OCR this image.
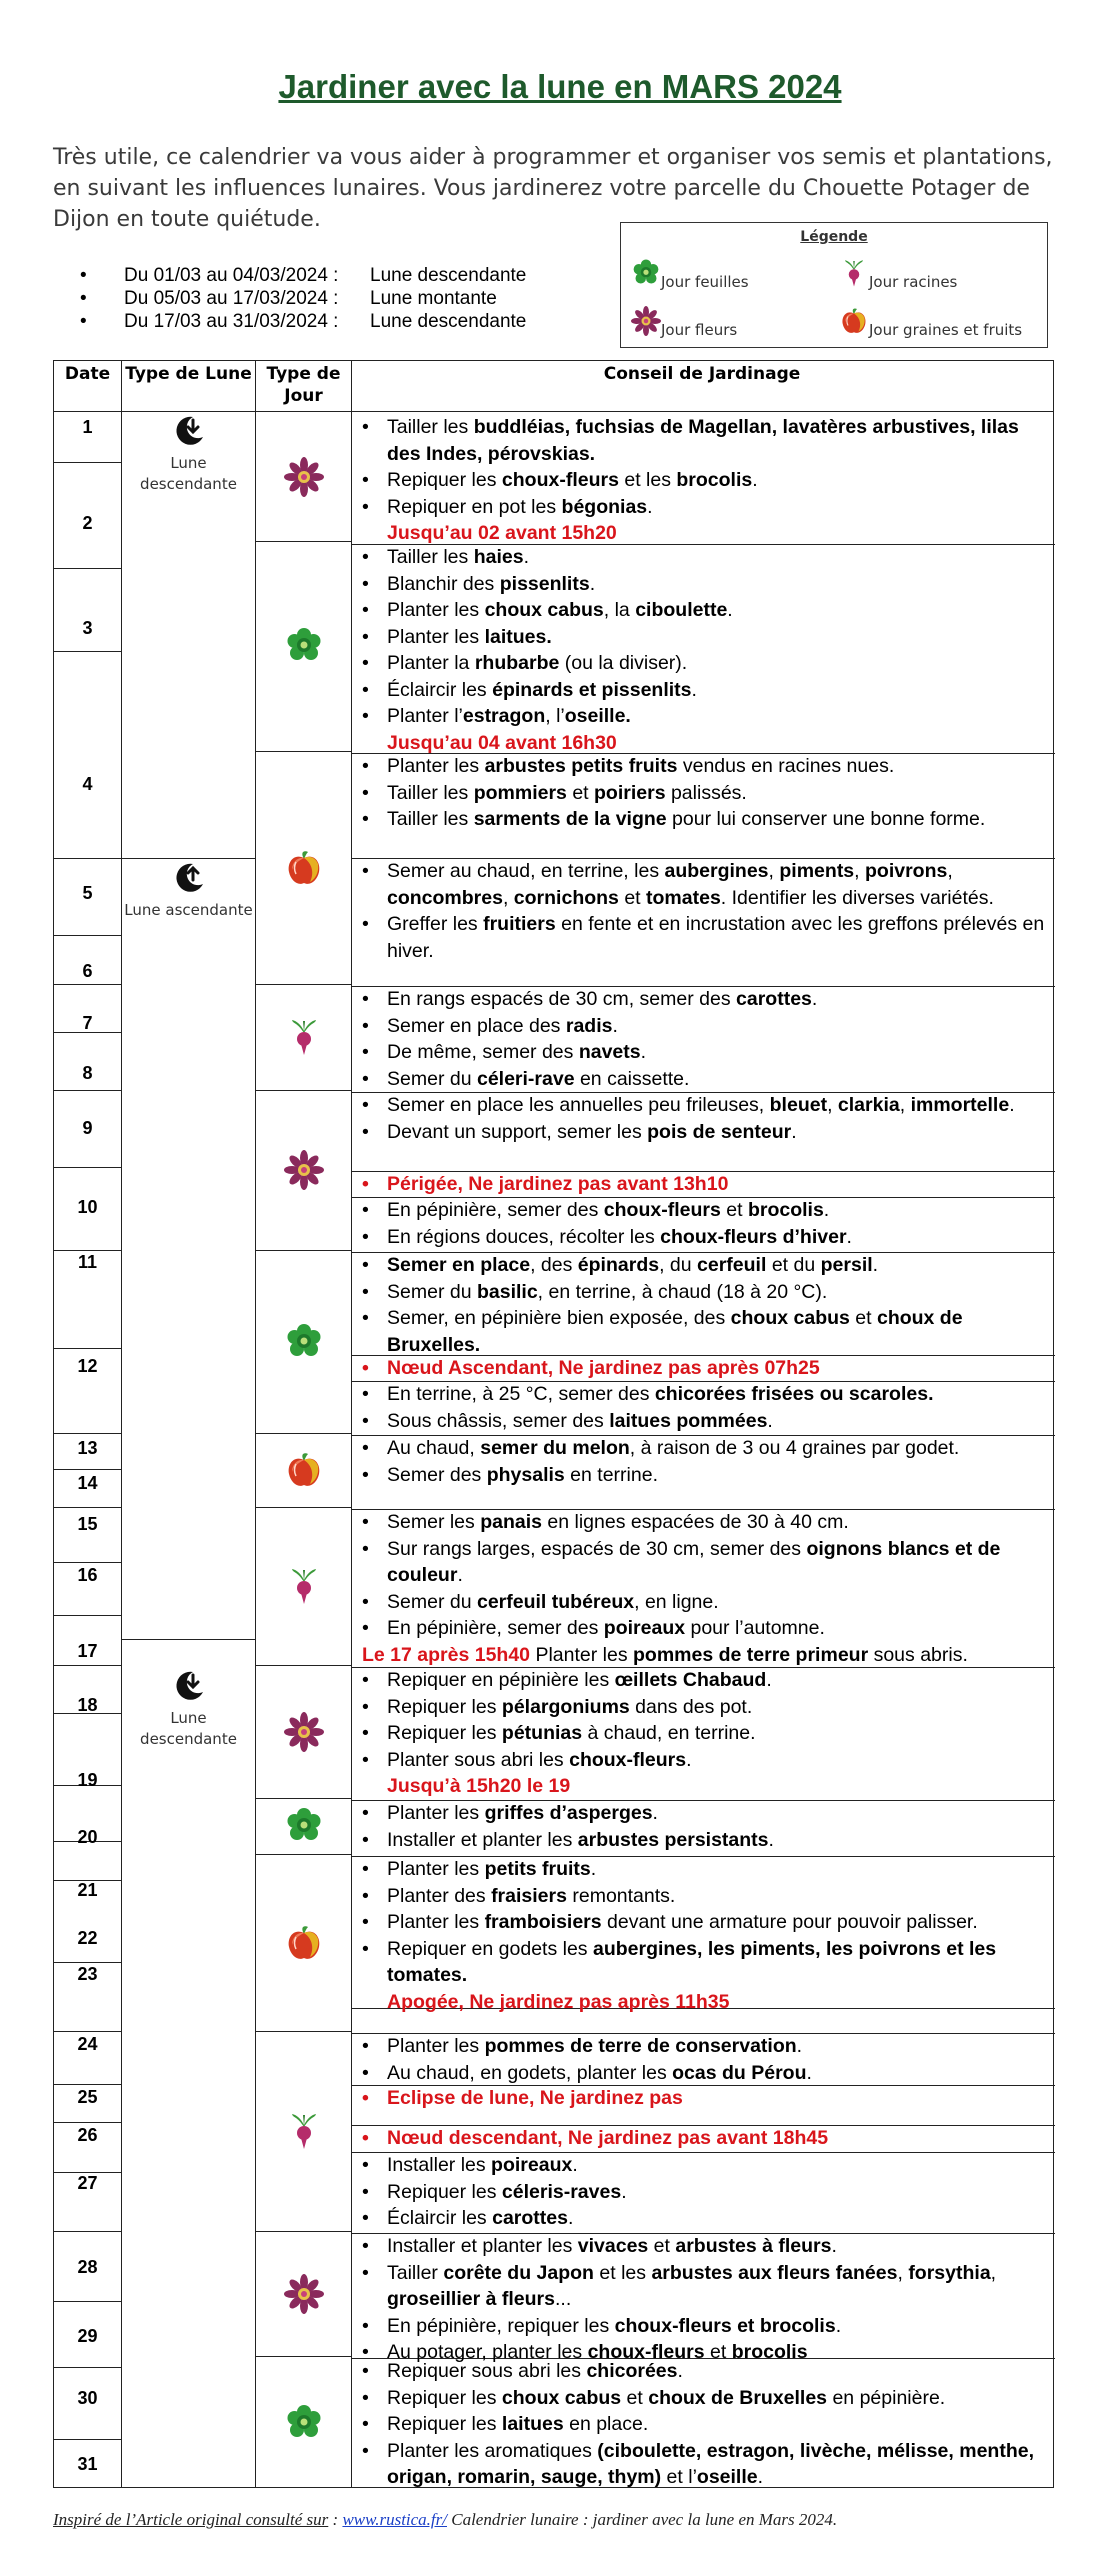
Jardiner avec la lune en MARS 2024

Très utile, ce calendrier va vous aider à programmer et organiser vos semis et plantations, en suivant les influences lunaires. Vous jardinerez votre parcelle du Chouette Potager de Dijon en toute quiétude.

• Du 01/03 au 04/03/2024 : Lune descendante
• Du 05/03 au 17/03/2024 : Lune montante
• Du 17/03 au 31/03/2024 : Lune descendante
Légende
Jour feuilles	Jour racines
Jour fleurs	Jour graines et fruits
Date Type de Lune Type de Jour
Conseil de Jardinage
Lune descendante
Lune ascendante
Lune descendante
1
2
3
4
5
6
7
8
9
10
11
12
13
14
15
16
17
18
19
20
21
22
23
24
25
26
27
28
29
30
31
• Tailler les buddléias, fuchsias de Magellan, lavatères arbustives, lilas des Indes, pérovskias.
• Repiquer les choux-fleurs et les brocolis.
• Repiquer en pot les bégonias.
Jusqu’au 02 avant 15h20
• Tailler les haies.
• Blanchir des pissenlits.
• Planter les choux cabus, la ciboulette.
• Planter les laitues.
• Planter la rhubarbe (ou la diviser).
• Éclaircir les épinards et pissenlits.
• Planter l’estragon, l’oseille.
Jusqu’au 04 avant 16h30
• Planter les arbustes petits fruits vendus en racines nues.
• Tailler les pommiers et poiriers palissés.
• Tailler les sarments de la vigne pour lui conserver une bonne forme.
• Semer au chaud, en terrine, les aubergines, piments, poivrons, concombres, cornichons et tomates. Identifier les diverses variétés.
• Greffer les fruitiers en fente et en incrustation avec les greffons prélevés en hiver.
• En rangs espacés de 30 cm, semer des carottes.
• Semer en place des radis.
• De même, semer des navets.
• Semer du céleri-rave en caissette.
• Semer en place les annuelles peu frileuses, bleuet, clarkia, immortelle.
• Devant un support, semer les pois de senteur.
• Périgée, Ne jardinez pas avant 13h10
• En pépinière, semer des choux-fleurs et brocolis.
• En régions douces, récolter les choux-fleurs d’hiver.
• Semer en place, des épinards, du cerfeuil et du persil.
• Semer du basilic, en terrine, à chaud (18 à 20 °C).
• Semer, en pépinière bien exposée, des choux cabus et choux de Bruxelles.
• Nœud Ascendant, Ne jardinez pas après 07h25
• En terrine, à 25 °C, semer des chicorées frisées ou scaroles.
• Sous châssis, semer des laitues pommées.
• Au chaud, semer du melon, à raison de 3 ou 4 graines par godet.
• Semer des physalis en terrine.
• Semer les panais en lignes espacées de 30 à 40 cm.
• Sur rangs larges, espacés de 30 cm, semer des oignons blancs et de couleur.
• Semer du cerfeuil tubéreux, en ligne.
• En pépinière, semer des poireaux pour l’automne.
Le 17 après 15h40 Planter les pommes de terre primeur sous abris.
• Repiquer en pépinière les œillets Chabaud.
• Repiquer les pélargoniums dans des pot.
• Repiquer les pétunias à chaud, en terrine.
• Planter sous abri les choux-fleurs.
Jusqu’à 15h20 le 19
• Planter les griffes d’asperges.
• Installer et planter les arbustes persistants.
• Planter les petits fruits.
• Planter des fraisiers remontants.
• Planter les framboisiers devant une armature pour pouvoir palisser.
• Repiquer en godets les aubergines, les piments, les poivrons et les tomates.
Apogée, Ne jardinez pas après 11h35
• Planter les pommes de terre de conservation.
• Au chaud, en godets, planter les ocas du Pérou.
• Eclipse de lune, Ne jardinez pas
• Nœud descendant, Ne jardinez pas avant 18h45
• Installer les poireaux.
• Repiquer les céleris-raves.
• Éclaircir les carottes.
• Installer et planter les vivaces et arbustes à fleurs.
• Tailler corête du Japon et les arbustes aux fleurs fanées, forsythia, groseillier à fleurs...
• En pépinière, repiquer les choux-fleurs et brocolis.
• Au potager, planter les choux-fleurs et brocolis
• Repiquer sous abri les chicorées.
• Repiquer les choux cabus et choux de Bruxelles en pépinière.
• Repiquer les laitues en place.
• Planter les aromatiques (ciboulette, estragon, livèche, mélisse, menthe, origan, romarin, sauge, thym) et l’oseille.
Inspiré de l’Article original consulté sur : www.rustica.fr/ Calendrier lunaire : jardiner avec la lune en Mars 2024.
